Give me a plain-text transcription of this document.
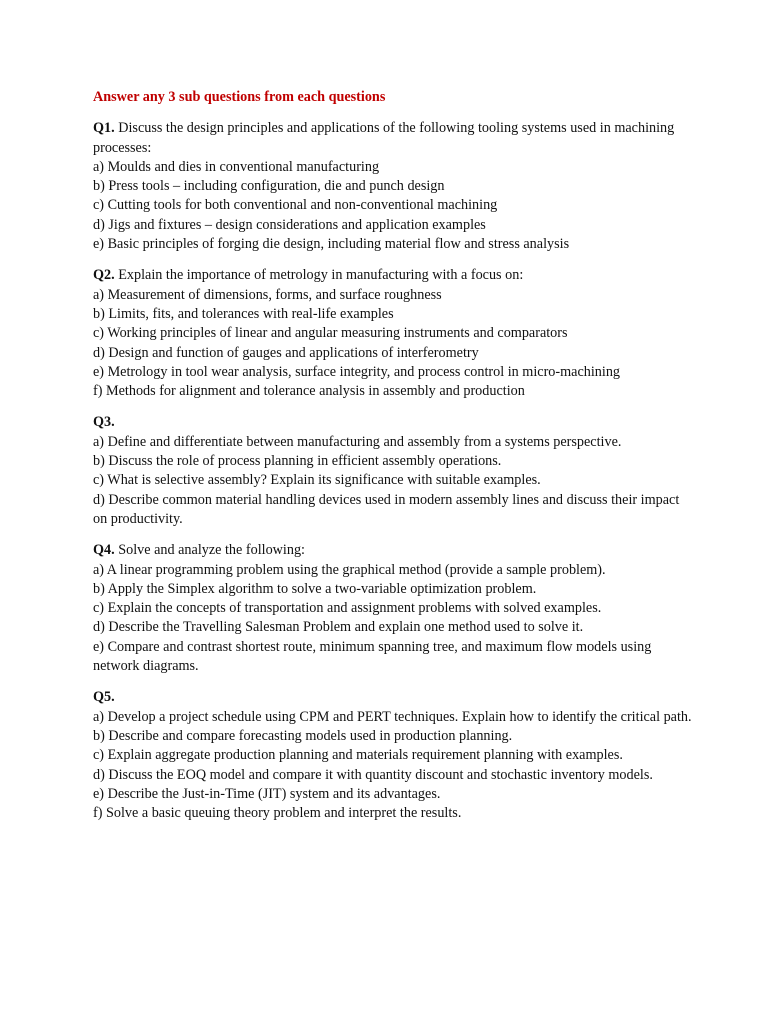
Answer any 3 sub questions from each questions
Q1. Discuss the design principles and applications of the following tooling systems used in machining processes:
a) Moulds and dies in conventional manufacturing
b) Press tools – including configuration, die and punch design
c) Cutting tools for both conventional and non-conventional machining
d) Jigs and fixtures – design considerations and application examples
e) Basic principles of forging die design, including material flow and stress analysis
Q2. Explain the importance of metrology in manufacturing with a focus on:
a) Measurement of dimensions, forms, and surface roughness
b) Limits, fits, and tolerances with real-life examples
c) Working principles of linear and angular measuring instruments and comparators
d) Design and function of gauges and applications of interferometry
e) Metrology in tool wear analysis, surface integrity, and process control in micro-machining
f) Methods for alignment and tolerance analysis in assembly and production
Q3.
a) Define and differentiate between manufacturing and assembly from a systems perspective.
b) Discuss the role of process planning in efficient assembly operations.
c) What is selective assembly? Explain its significance with suitable examples.
d) Describe common material handling devices used in modern assembly lines and discuss their impact on productivity.
Q4. Solve and analyze the following:
a) A linear programming problem using the graphical method (provide a sample problem).
b) Apply the Simplex algorithm to solve a two-variable optimization problem.
c) Explain the concepts of transportation and assignment problems with solved examples.
d) Describe the Travelling Salesman Problem and explain one method used to solve it.
e) Compare and contrast shortest route, minimum spanning tree, and maximum flow models using network diagrams.
Q5.
a) Develop a project schedule using CPM and PERT techniques. Explain how to identify the critical path.
b) Describe and compare forecasting models used in production planning.
c) Explain aggregate production planning and materials requirement planning with examples.
d) Discuss the EOQ model and compare it with quantity discount and stochastic inventory models.
e) Describe the Just-in-Time (JIT) system and its advantages.
f) Solve a basic queuing theory problem and interpret the results.
